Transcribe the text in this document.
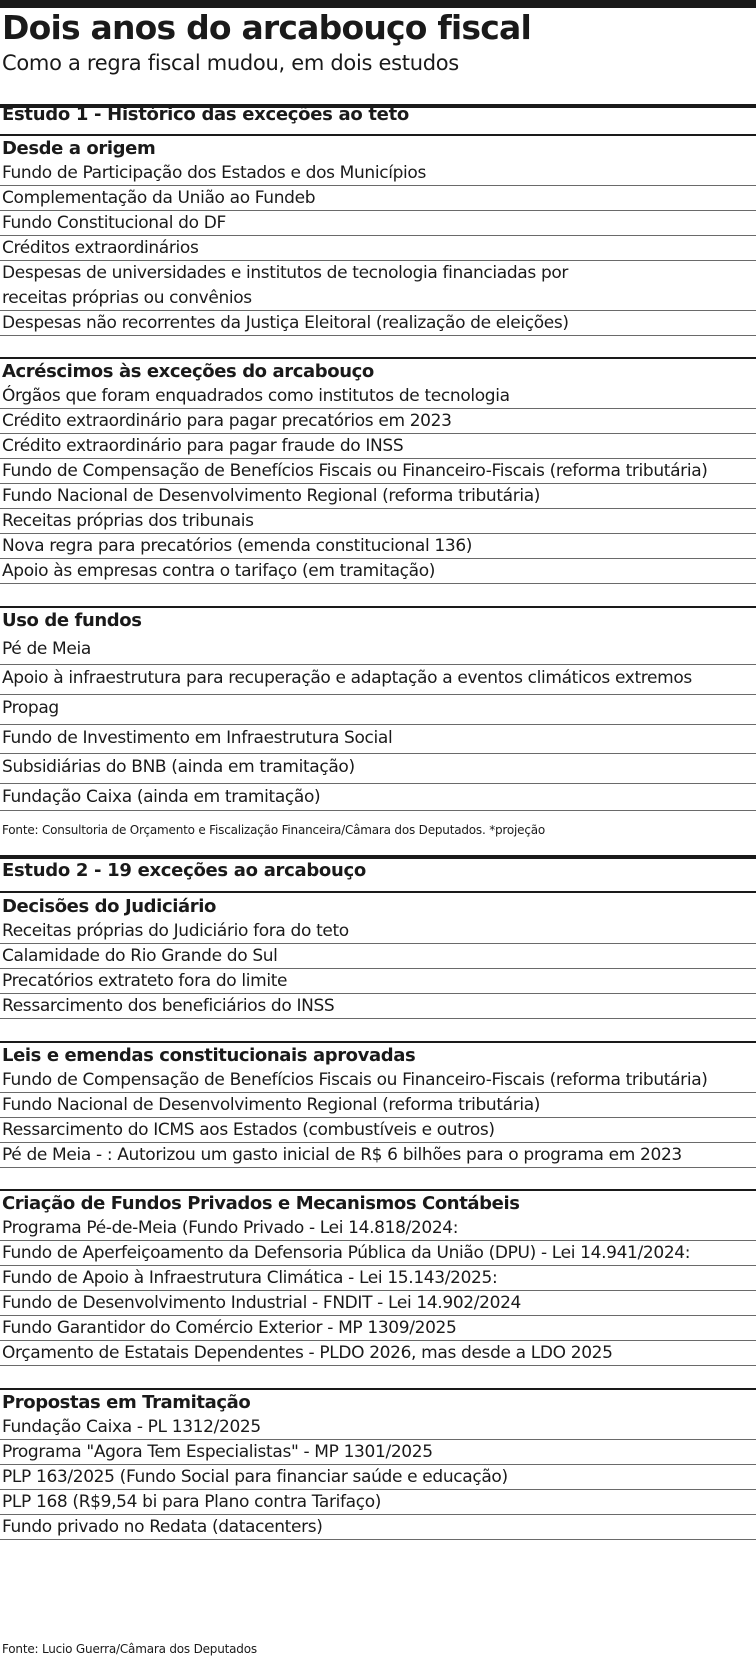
Dois anos do arcabouço fiscal
Como a regra fiscal mudou, em dois estudos
Estudo 1 - Histórico das exceções ao teto
Desde a origem
Fundo de Participação dos Estados e dos Municípios
Complementação da União ao Fundeb
Fundo Constitucional do DF
Créditos extraordinários
Despesas de universidades e institutos de tecnologia financiadas por
receitas próprias ou convênios
Despesas não recorrentes da Justiça Eleitoral (realização de eleições)
Acréscimos às exceções do arcabouço
Órgãos que foram enquadrados como institutos de tecnologia
Crédito extraordinário para pagar precatórios em 2023
Crédito extraordinário para pagar fraude do INSS
Fundo de Compensação de Benefícios Fiscais ou Financeiro-Fiscais (reforma tributária)
Fundo Nacional de Desenvolvimento Regional (reforma tributária)
Receitas próprias dos tribunais
Nova regra para precatórios (emenda constitucional 136)
Apoio às empresas contra o tarifaço (em tramitação)
Uso de fundos
Pé de Meia
Apoio à infraestrutura para recuperação e adaptação a eventos climáticos extremos
Propag
Fundo de Investimento em Infraestrutura Social
Subsidiárias do BNB (ainda em tramitação)
Fundação Caixa (ainda em tramitação)
Fonte: Consultoria de Orçamento e Fiscalização Financeira/Câmara dos Deputados. *projeção
Estudo 2 - 19 exceções ao arcabouço
Decisões do Judiciário
Receitas próprias do Judiciário fora do teto
Calamidade do Rio Grande do Sul
Precatórios extrateto fora do limite
Ressarcimento dos beneficiários do INSS
Leis e emendas constitucionais aprovadas
Fundo de Compensação de Benefícios Fiscais ou Financeiro-Fiscais (reforma tributária)
Fundo Nacional de Desenvolvimento Regional (reforma tributária)
Ressarcimento do ICMS aos Estados (combustíveis e outros)
Pé de Meia - : Autorizou um gasto inicial de R$ 6 bilhões para o programa em 2023
Criação de Fundos Privados e Mecanismos Contábeis
Programa Pé-de-Meia (Fundo Privado - Lei 14.818/2024:
Fundo de Aperfeiçoamento da Defensoria Pública da União (DPU) - Lei 14.941/2024:
Fundo de Apoio à Infraestrutura Climática - Lei 15.143/2025:
Fundo de Desenvolvimento Industrial - FNDIT - Lei 14.902/2024
Fundo Garantidor do Comércio Exterior - MP 1309/2025
Orçamento de Estatais Dependentes - PLDO 2026, mas desde a LDO 2025
Propostas em Tramitação
Fundação Caixa - PL 1312/2025
Programa "Agora Tem Especialistas" - MP 1301/2025
PLP 163/2025 (Fundo Social para financiar saúde e educação)
PLP 168 (R$9,54 bi para Plano contra Tarifaço)
Fundo privado no Redata (datacenters)
Fonte: Lucio Guerra/Câmara dos Deputados
